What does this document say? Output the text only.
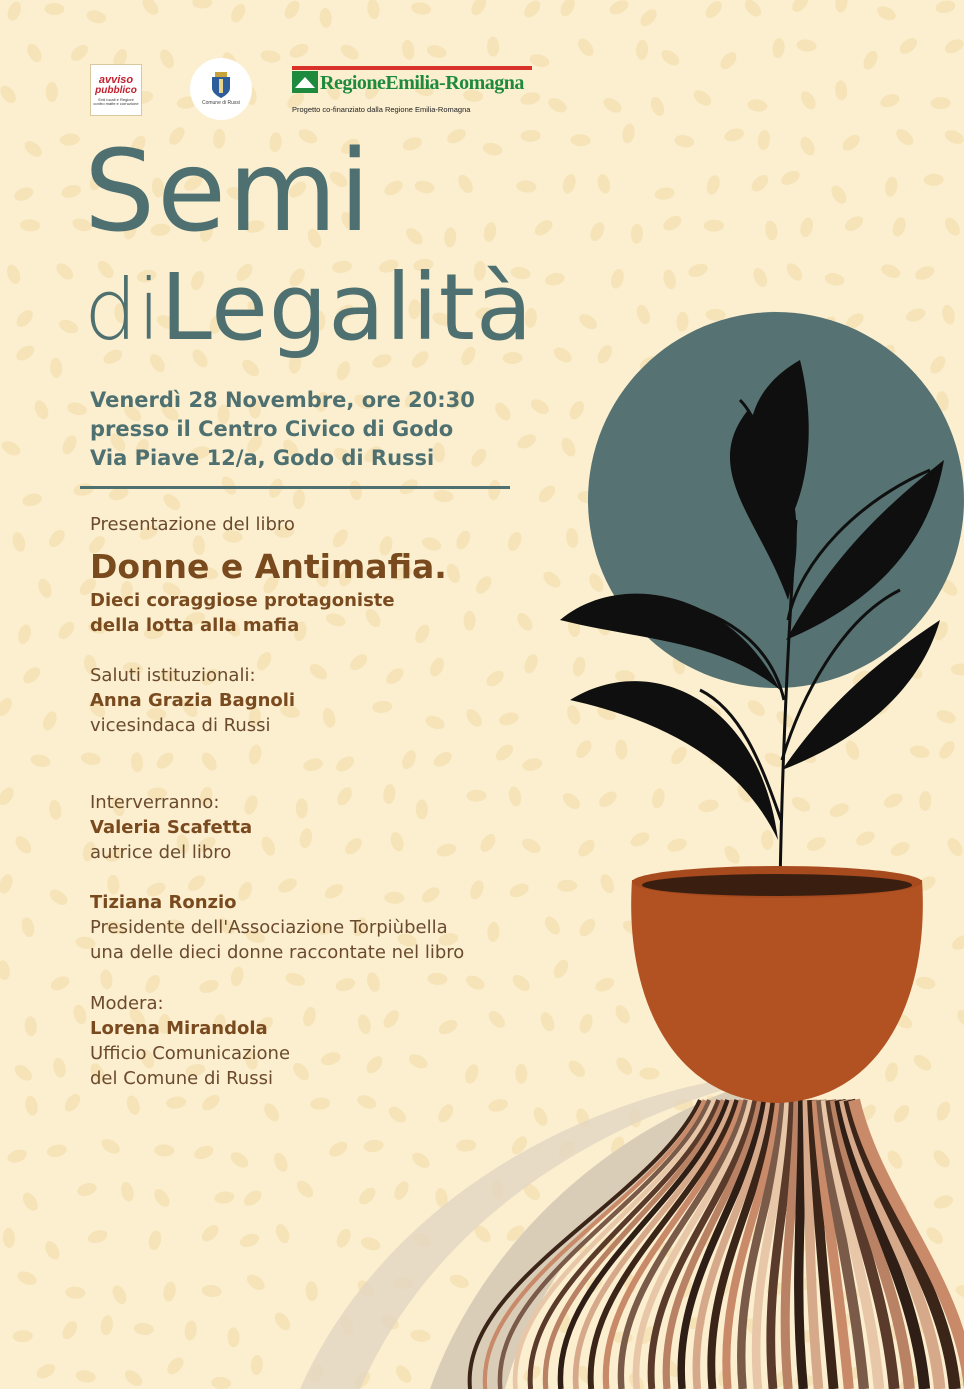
avviso
pubblico
Enti locali e Regioni contro mafie e corruzione	Comune di Russi
RegioneEmilia-Romagna
Progetto co-finanziato dalla Regione Emilia-Romagna
Semi
diLegalità
Venerdì 28 Novembre, ore 20:30
presso il Centro Civico di Godo
Via Piave 12/a, Godo di Russi
Presentazione del libro
Donne e Antimafia.
Dieci coraggiose protagoniste
della lotta alla mafia
Saluti istituzionali:
Anna Grazia Bagnoli
vicesindaca di Russi
Interverranno:
Valeria Scafetta
autrice del libro
Tiziana Ronzio
Presidente dell'Associazione Torpiùbella
una delle dieci donne raccontate nel libro
Modera:
Lorena Mirandola
Ufficio Comunicazione
del Comune di Russi
